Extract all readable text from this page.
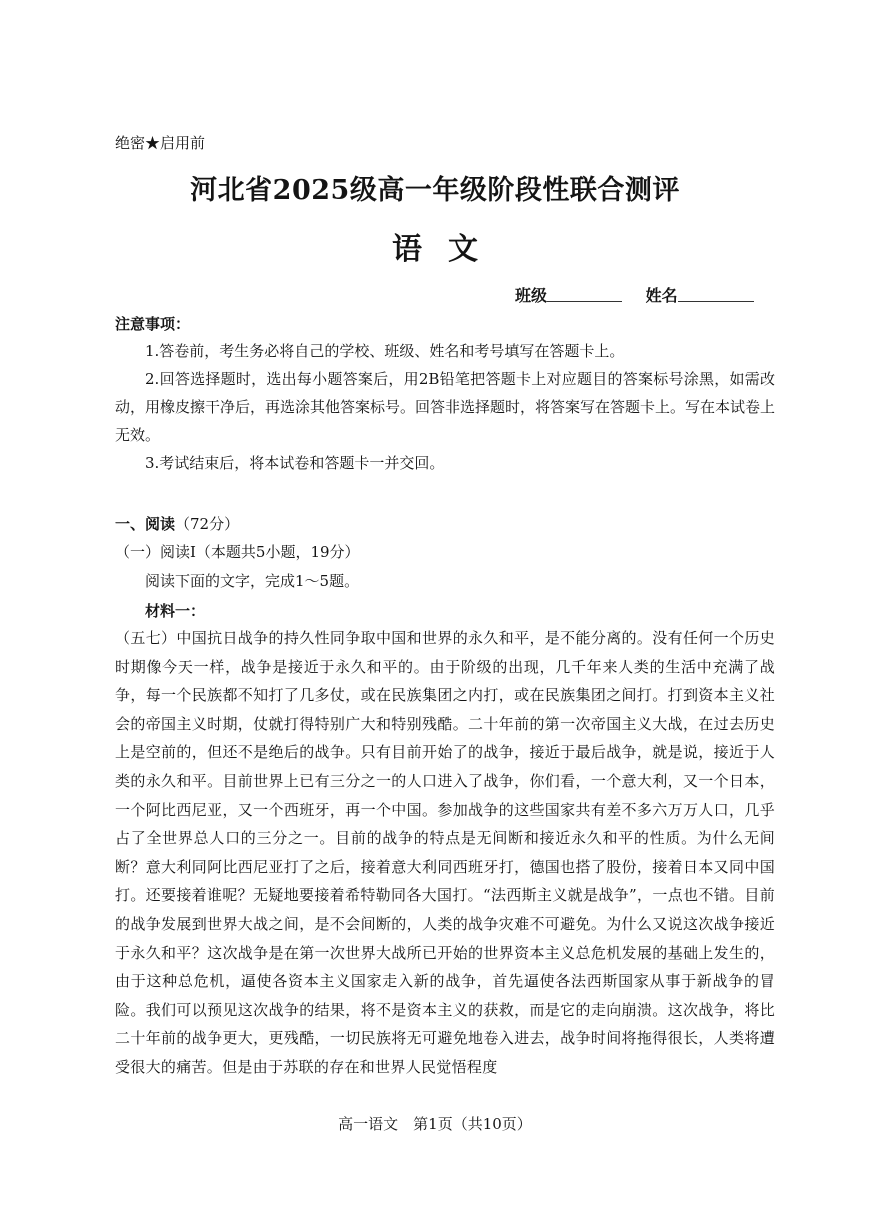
绝密★启用前
河北省2025级高一年级阶段性联合测评
语文
班级	姓名
注意事项：

1.答卷前，考生务必将自己的学校、班级、姓名和考号填写在答题卡上。

2.回答选择题时，选出每小题答案后，用2B铅笔把答题卡上对应题目的答案标号涂黑，如需改动，用橡皮擦干净后，再选涂其他答案标号。回答非选择题时，将答案写在答题卡上。写在本试卷上无效。

3.考试结束后，将本试卷和答题卡一并交回。

一、阅读（72分）
（一）阅读Ⅰ（本题共5小题，19分）
阅读下面的文字，完成1～5题。
材料一：

（五七）中国抗日战争的持久性同争取中国和世界的永久和平，是不能分离的。没有任何一个历史时期像今天一样，战争是接近于永久和平的。由于阶级的出现，几千年来人类的生活中充满了战争，每一个民族都不知打了几多仗，或在民族集团之内打，或在民族集团之间打。打到资本主义社会的帝国主义时期，仗就打得特别广大和特别残酷。二十年前的第一次帝国主义大战，在过去历史上是空前的，但还不是绝后的战争。只有目前开始了的战争，接近于最后战争，就是说，接近于人类的永久和平。目前世界上已有三分之一的人口进入了战争，你们看，一个意大利，又一个日本，一个阿比西尼亚，又一个西班牙，再一个中国。参加战争的这些国家共有差不多六万万人口，几乎占了全世界总人口的三分之一。目前的战争的特点是无间断和接近永久和平的性质。为什么无间断？意大利同阿比西尼亚打了之后，接着意大利同西班牙打，德国也搭了股份，接着日本又同中国打。还要接着谁呢？无疑地要接着希特勒同各大国打。“法西斯主义就是战争”，一点也不错。目前的战争发展到世界大战之间，是不会间断的，人类的战争灾难不可避免。为什么又说这次战争接近于永久和平？这次战争是在第一次世界大战所已开始的世界资本主义总危机发展的基础上发生的，由于这种总危机，逼使各资本主义国家走入新的战争，首先逼使各法西斯国家从事于新战争的冒险。我们可以预见这次战争的结果，将不是资本主义的获救，而是它的走向崩溃。这次战争，将比二十年前的战争更大，更残酷，一切民族将无可避免地卷入进去，战争时间将拖得很长，人类将遭受很大的痛苦。但是由于苏联的存在和世界人民觉悟程度

高一语文　第1页（共10页）
